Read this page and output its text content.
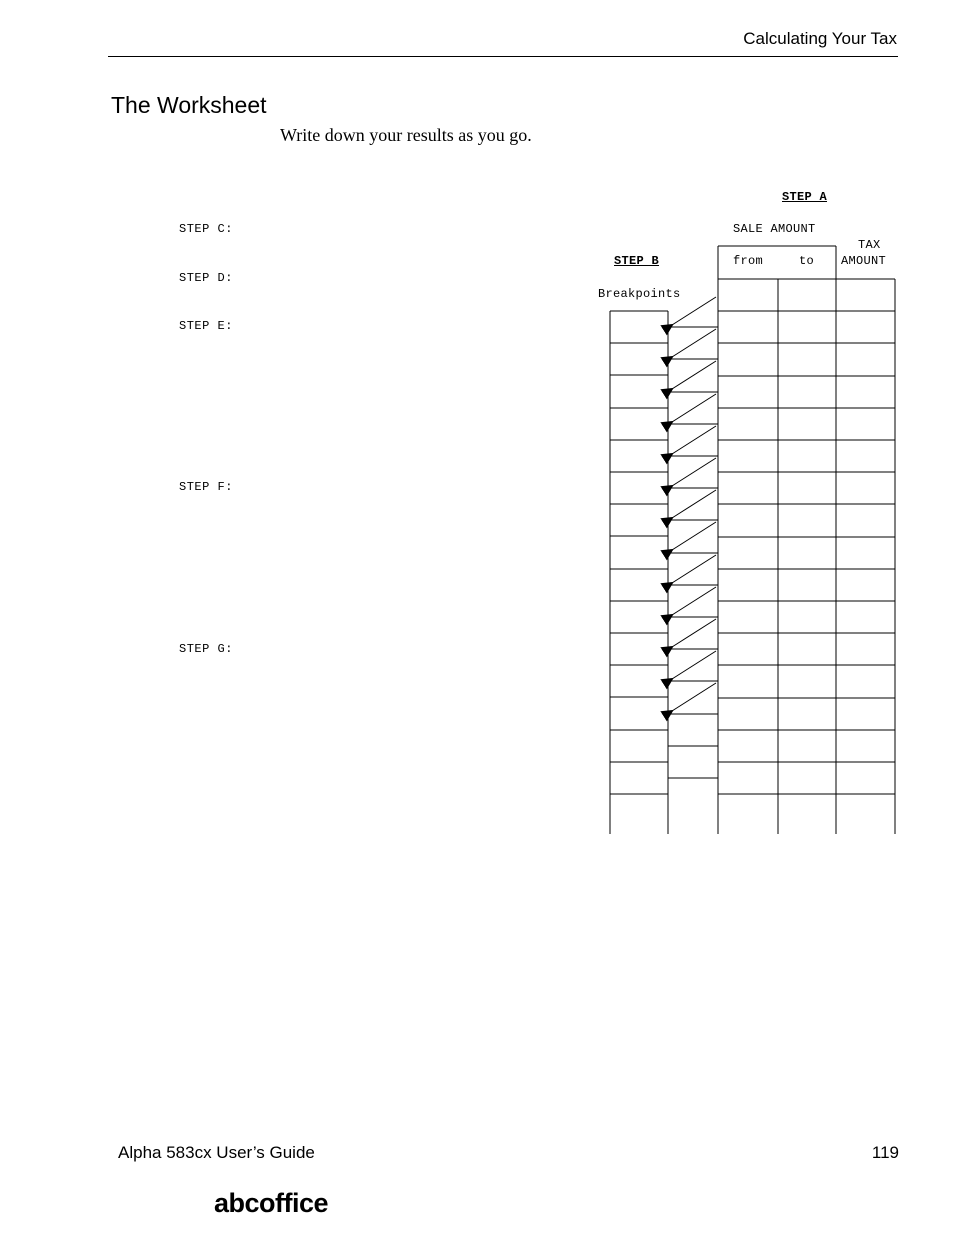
Calculating Your Tax
The Worksheet
Write down your results as you go.
STEP C:
STEP D:
STEP E:
STEP F:
STEP G:
STEP A
SALE AMOUNT
from	to
TAX
AMOUNT
STEP B
Breakpoints
Alpha 583cx User’s Guide	119
abcoffice
